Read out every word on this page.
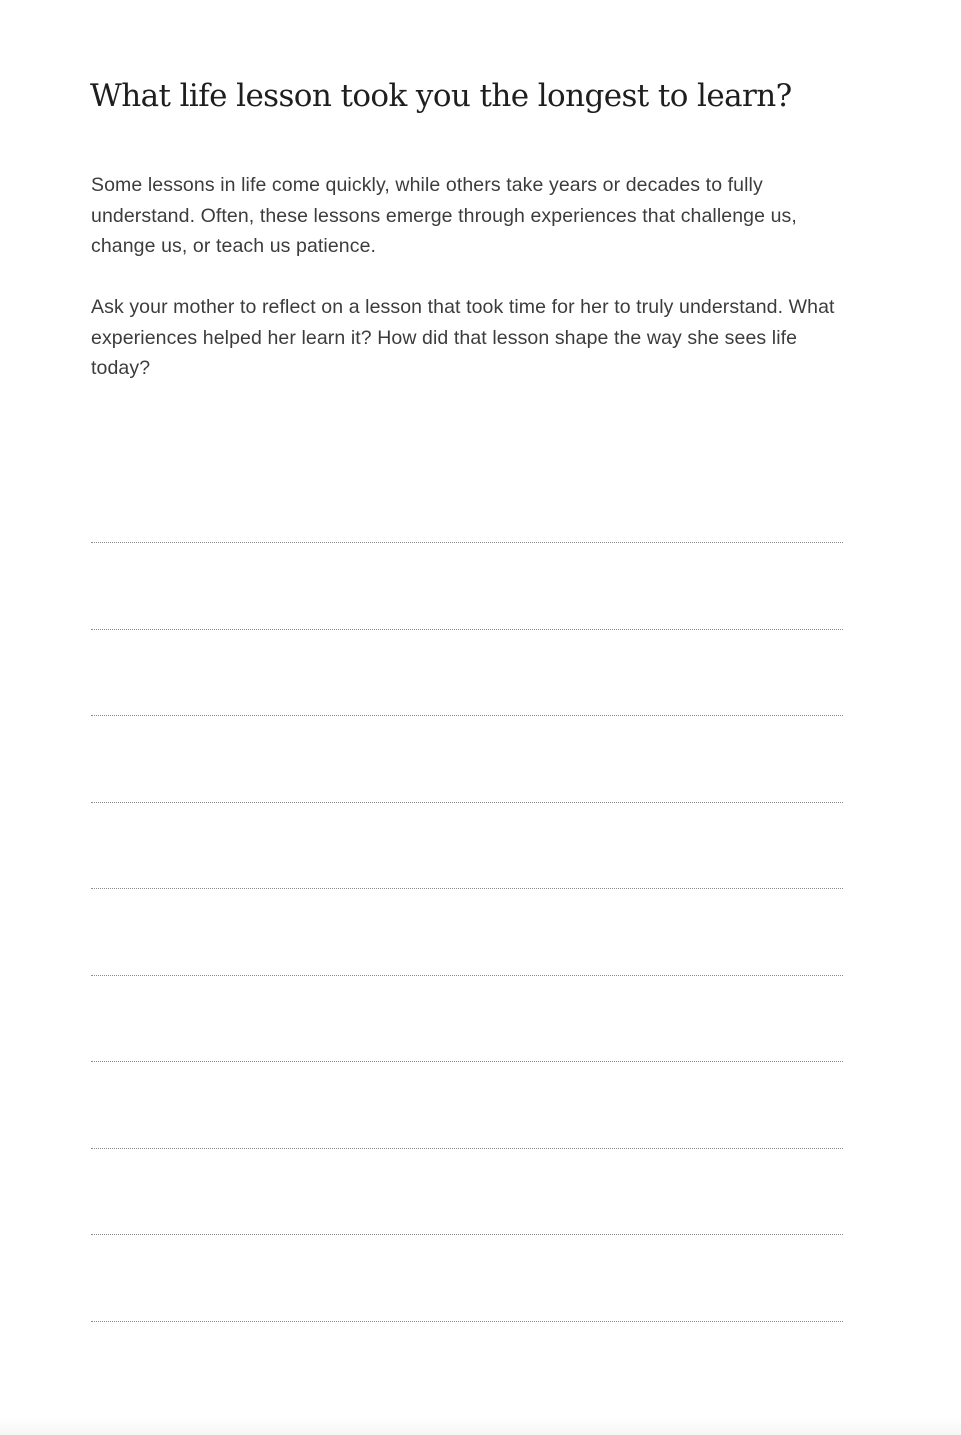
What life lesson took you the longest to learn?

Some lessons in life come quickly, while others take years or decades to fully understand. Often, these lessons emerge through experiences that challenge us, change us, or teach us patience.

Ask your mother to reflect on a lesson that took time for her to truly understand. What experiences helped her learn it? How did that lesson shape the way she sees life today?
